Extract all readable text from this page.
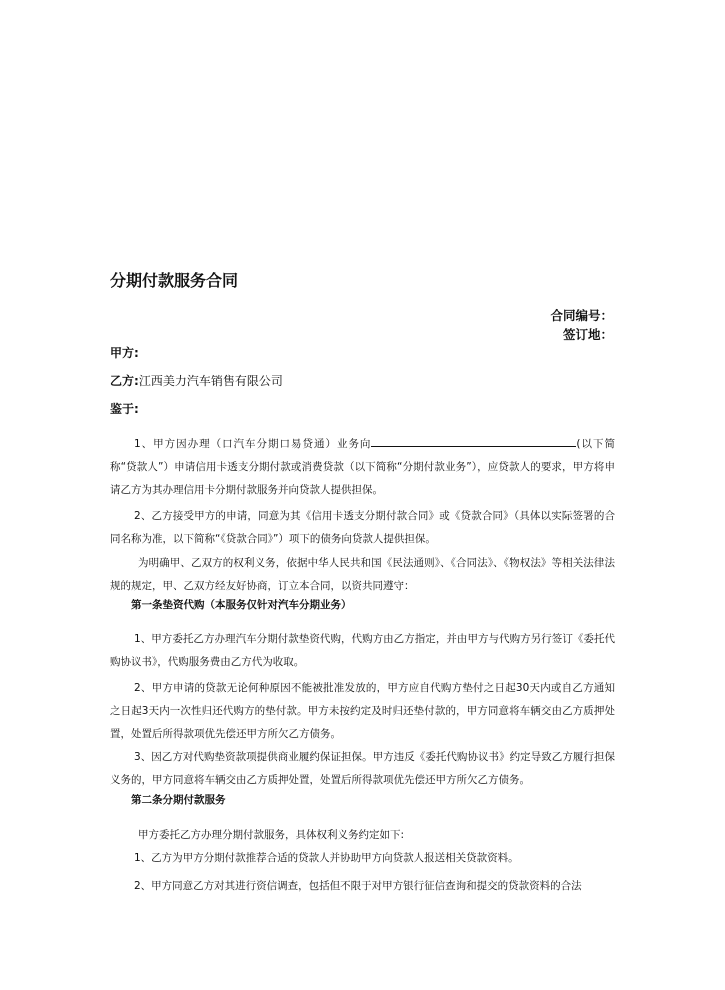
分期付款服务合同
合同编号：
签订地：
甲方:
乙方:江西美力汽车销售有限公司
鉴于:
1、甲方因办理（口汽车分期口易贷通）业务向	(以下简称“贷款人”）申请信用卡透支分期付款或消费贷款（以下简称“分期付款业务”），应贷款人的要求，甲方将申请乙方为其办理信用卡分期付款服务并向贷款人提供担保。
2、乙方接受甲方的申请，同意为其《信用卡透支分期付款合同》或《贷款合同》（具体以实际签署的合同名称为准，以下简称“《贷款合同》”）项下的债务向贷款人提供担保。
为明确甲、乙双方的权利义务，依据中华人民共和国《民法通则》、《合同法》、《物权法》等相关法律法规的规定，甲、乙双方经友好协商，订立本合同，以资共同遵守：
第一条垫资代购（本服务仅针对汽车分期业务）
1、甲方委托乙方办理汽车分期付款垫资代购，代购方由乙方指定，并由甲方与代购方另行签订《委托代购协议书》，代购服务费由乙方代为收取。
2、甲方申请的贷款无论何种原因不能被批准发放的，甲方应自代购方垫付之日起30天内或自乙方通知之日起3天内一次性归还代购方的垫付款。甲方未按约定及时归还垫付款的，甲方同意将车辆交由乙方质押处置，处置后所得款项优先偿还甲方所欠乙方债务。
3、因乙方对代购垫资款项提供商业履约保证担保。甲方违反《委托代购协议书》约定导致乙方履行担保义务的，甲方同意将车辆交由乙方质押处置，处置后所得款项优先偿还甲方所欠乙方债务。
第二条分期付款服务
甲方委托乙方办理分期付款服务，具体权利义务约定如下:
1、乙方为甲方分期付款推荐合适的贷款人并协助甲方向贷款人报送相关贷款资料。
2、甲方同意乙方对其进行资信调查，包括但不限于对甲方银行征信查询和提交的贷款资料的合法
